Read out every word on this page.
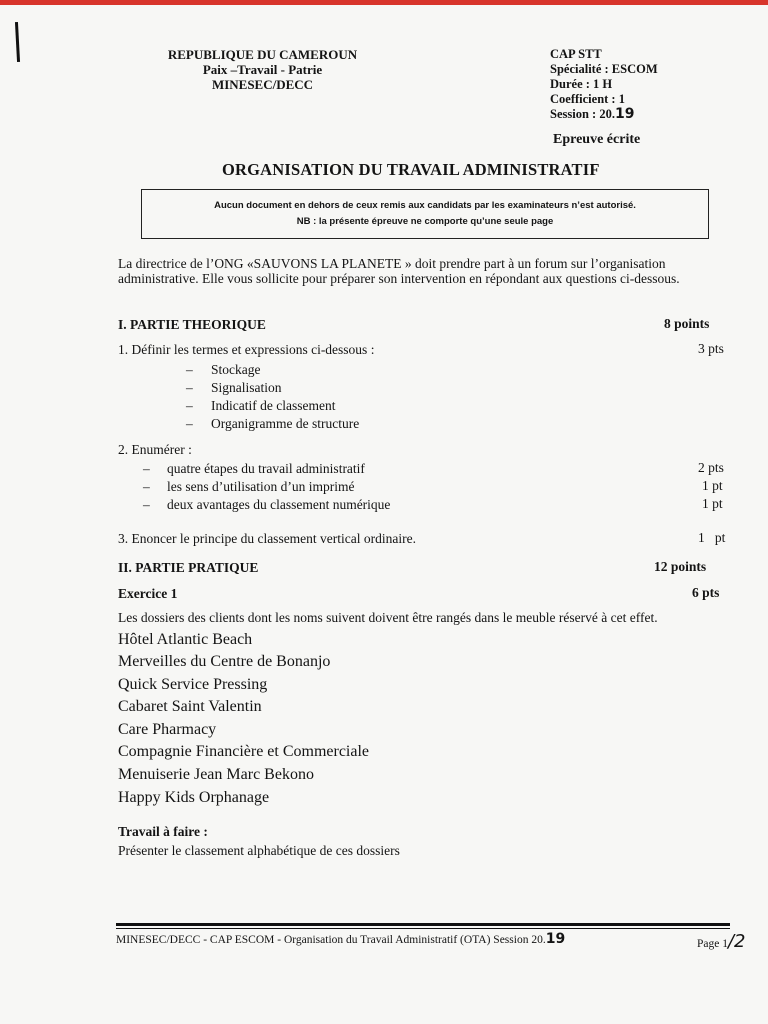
REPUBLIQUE DU CAMEROUN
Paix –Travail - Patrie
MINESEC/DECC
CAP STT
Spécialité : ESCOM
Durée : 1 H
Coefficient : 1
Session : 20.19
Epreuve écrite
ORGANISATION DU TRAVAIL ADMINISTRATIF
Aucun document en dehors de ceux remis aux candidats par les examinateurs n’est autorisé.
NB : la présente épreuve ne comporte qu’une seule page
La directrice de l’ONG «SAUVONS LA PLANETE » doit prendre part à un forum sur l’organisation administrative. Elle vous sollicite pour préparer son intervention en répondant aux questions ci-dessous.
I. PARTIE THEORIQUE	8 points
1. Définir les termes et expressions ci-dessous :	3 pts
– Stockage
– Signalisation
– Indicatif de classement
– Organigramme de structure
2. Enumérer :
– quatre étapes du travail administratif	2 pts
– les sens d’utilisation d’un imprimé	1 pt
– deux avantages du classement numérique	1 pt
3. Enoncer le principe du classement vertical ordinaire.	1   pt
II. PARTIE PRATIQUE	12 points
Exercice 1	6 pts
Les dossiers des clients dont les noms suivent doivent être rangés dans le meuble réservé à cet effet.
Hôtel Atlantic Beach
Merveilles du Centre de Bonanjo
Quick Service Pressing
Cabaret Saint Valentin
Care Pharmacy
Compagnie Financière et Commerciale
Menuiserie Jean Marc Bekono
Happy Kids Orphanage
Travail à faire :
Présenter le classement alphabétique de ces dossiers
MINESEC/DECC - CAP ESCOM - Organisation du Travail Administratif (OTA) Session 20.19	Page 1/2
